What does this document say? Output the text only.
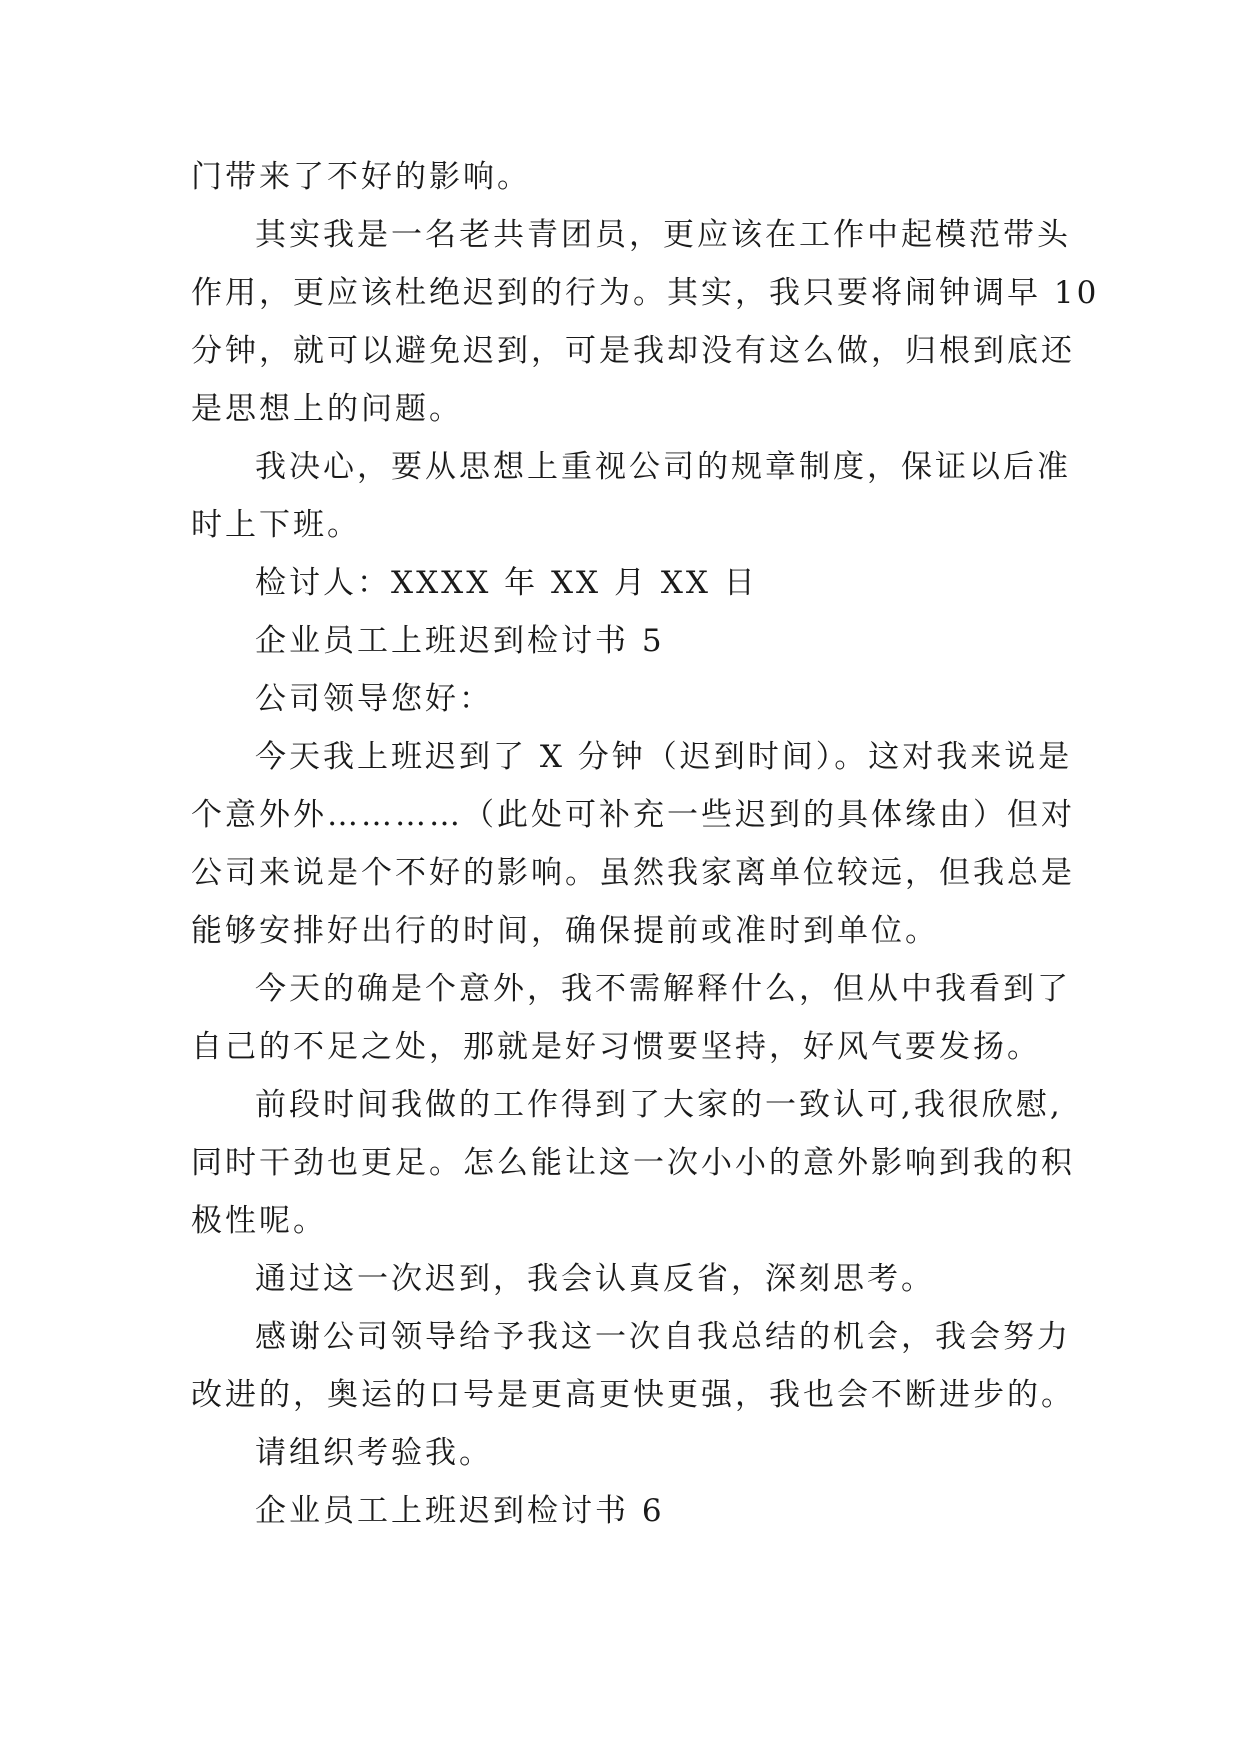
门带来了不好的影响。
其实我是一名老共青团员，更应该在工作中起模范带头
作用，更应该杜绝迟到的行为。其实，我只要将闹钟调早 10
分钟，就可以避免迟到，可是我却没有这么做，归根到底还
是思想上的问题。
我决心，要从思想上重视公司的规章制度，保证以后准
时上下班。
检讨人：XXXX 年 XX 月 XX 日
企业员工上班迟到检讨书 5
公司领导您好：
今天我上班迟到了 X 分钟（迟到时间）。这对我来说是
个意外外…………（此处可补充一些迟到的具体缘由）但对
公司来说是个不好的影响。虽然我家离单位较远，但我总是
能够安排好出行的时间，确保提前或准时到单位。
今天的确是个意外，我不需解释什么，但从中我看到了
自己的不足之处，那就是好习惯要坚持，好风气要发扬。
前段时间我做的工作得到了大家的一致认可,我很欣慰,
同时干劲也更足。怎么能让这一次小小的意外影响到我的积
极性呢。
通过这一次迟到，我会认真反省，深刻思考。
感谢公司领导给予我这一次自我总结的机会，我会努力
改进的，奥运的口号是更高更快更强，我也会不断进步的。
请组织考验我。
企业员工上班迟到检讨书 6
